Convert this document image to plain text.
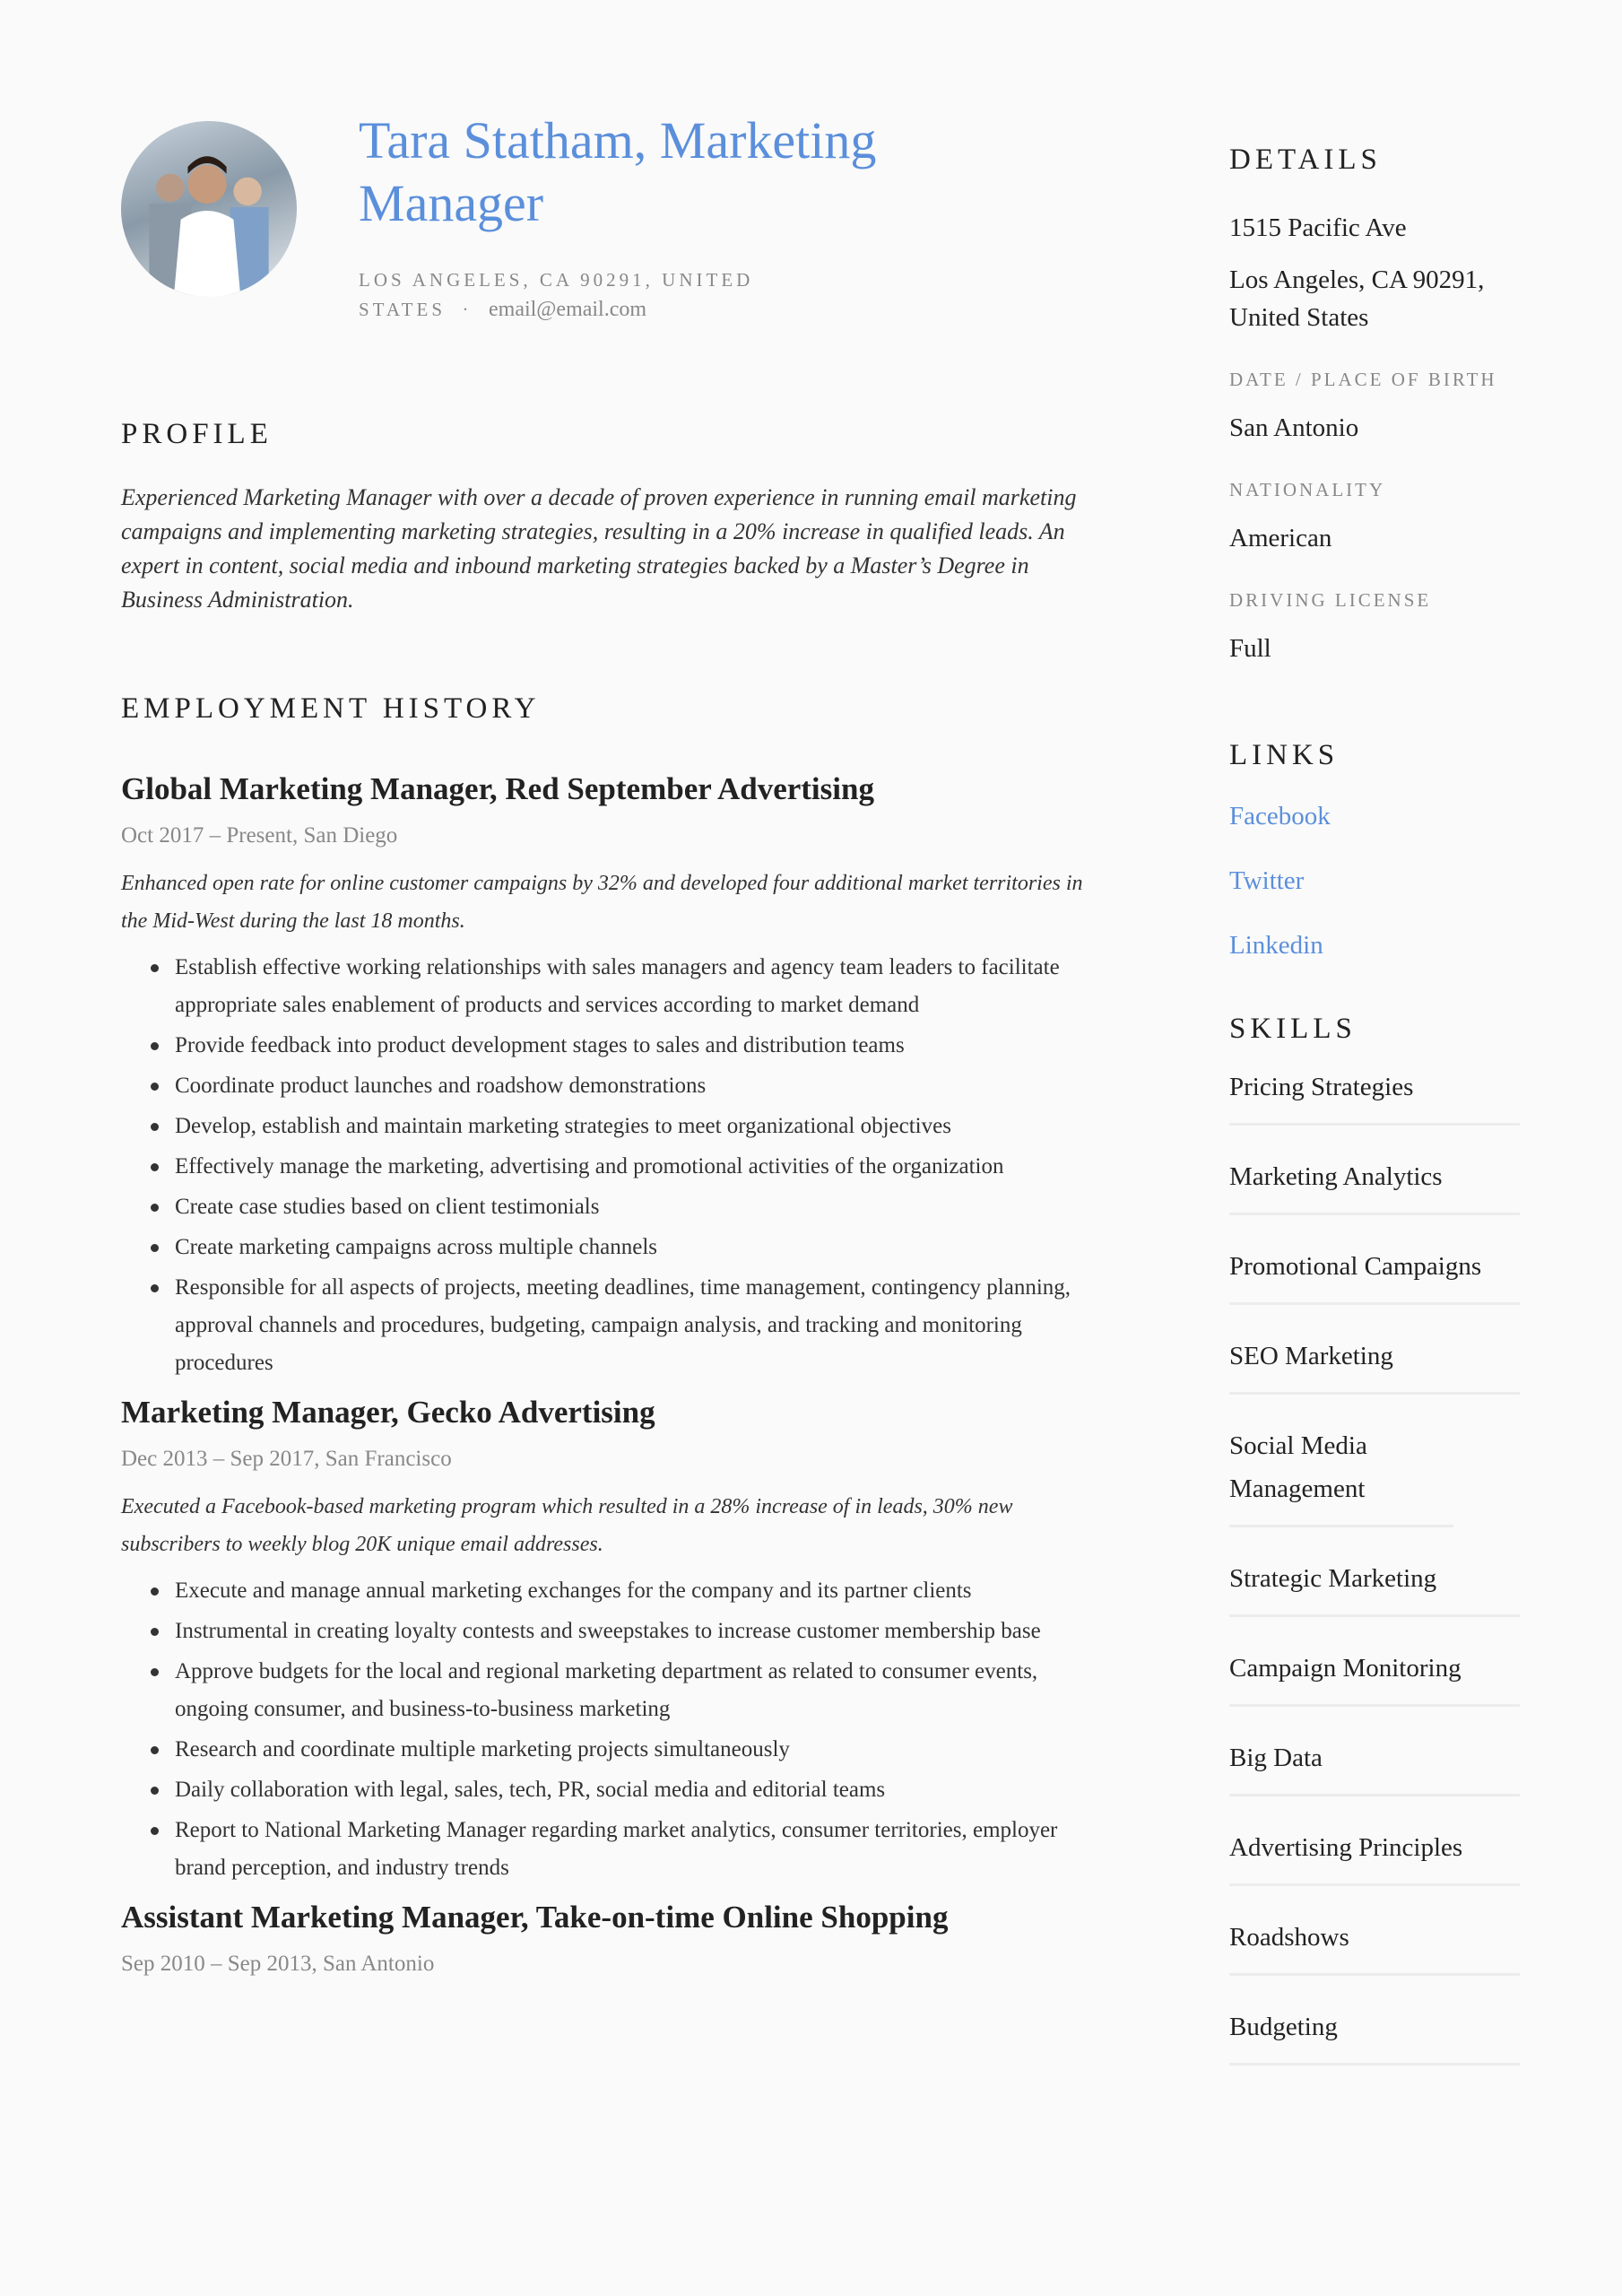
Tara Statham, Marketing Manager
LOS ANGELES, CA 90291, UNITED STATES · email@email.com
PROFILE
Experienced Marketing Manager with over a decade of proven experience in running email marketing campaigns and implementing marketing strategies, resulting in a 20% increase in qualified leads. An expert in content, social media and inbound marketing strategies backed by a Master’s Degree in Business Administration.
EMPLOYMENT HISTORY
Global Marketing Manager, Red September Advertising
Oct 2017 – Present, San Diego
Enhanced open rate for online customer campaigns by 32% and developed four additional market territories in the Mid-West during the last 18 months.
Establish effective working relationships with sales managers and agency team leaders to facilitate appropriate sales enablement of products and services according to market demand
Provide feedback into product development stages to sales and distribution teams
Coordinate product launches and roadshow demonstrations
Develop, establish and maintain marketing strategies to meet organizational objectives
Effectively manage the marketing, advertising and promotional activities of the organization
Create case studies based on client testimonials
Create marketing campaigns across multiple channels
Responsible for all aspects of projects, meeting deadlines, time management, contingency planning, approval channels and procedures, budgeting, campaign analysis, and tracking and monitoring procedures
Marketing Manager, Gecko Advertising
Dec 2013 – Sep 2017, San Francisco
Executed a Facebook-based marketing program which resulted in a 28% increase of in leads, 30% new subscribers to weekly blog 20K unique email addresses.
Execute and manage annual marketing exchanges for the company and its partner clients
Instrumental in creating loyalty contests and sweepstakes to increase customer membership base
Approve budgets for the local and regional marketing department as related to consumer events, ongoing consumer, and business-to-business marketing
Research and coordinate multiple marketing projects simultaneously
Daily collaboration with legal, sales, tech, PR, social media and editorial teams
Report to National Marketing Manager regarding market analytics, consumer territories, employer brand perception, and industry trends
Assistant Marketing Manager, Take-on-time Online Shopping
Sep 2010 – Sep 2013, San Antonio
DETAILS
1515 Pacific Ave
Los Angeles, CA 90291, United States
DATE / PLACE OF BIRTH
San Antonio
NATIONALITY
American
DRIVING LICENSE
Full
LINKS
Facebook
Twitter
Linkedin
SKILLS
Pricing Strategies
Marketing Analytics
Promotional Campaigns
SEO Marketing
Social Media Management
Strategic Marketing
Campaign Monitoring
Big Data
Advertising Principles
Roadshows
Budgeting
